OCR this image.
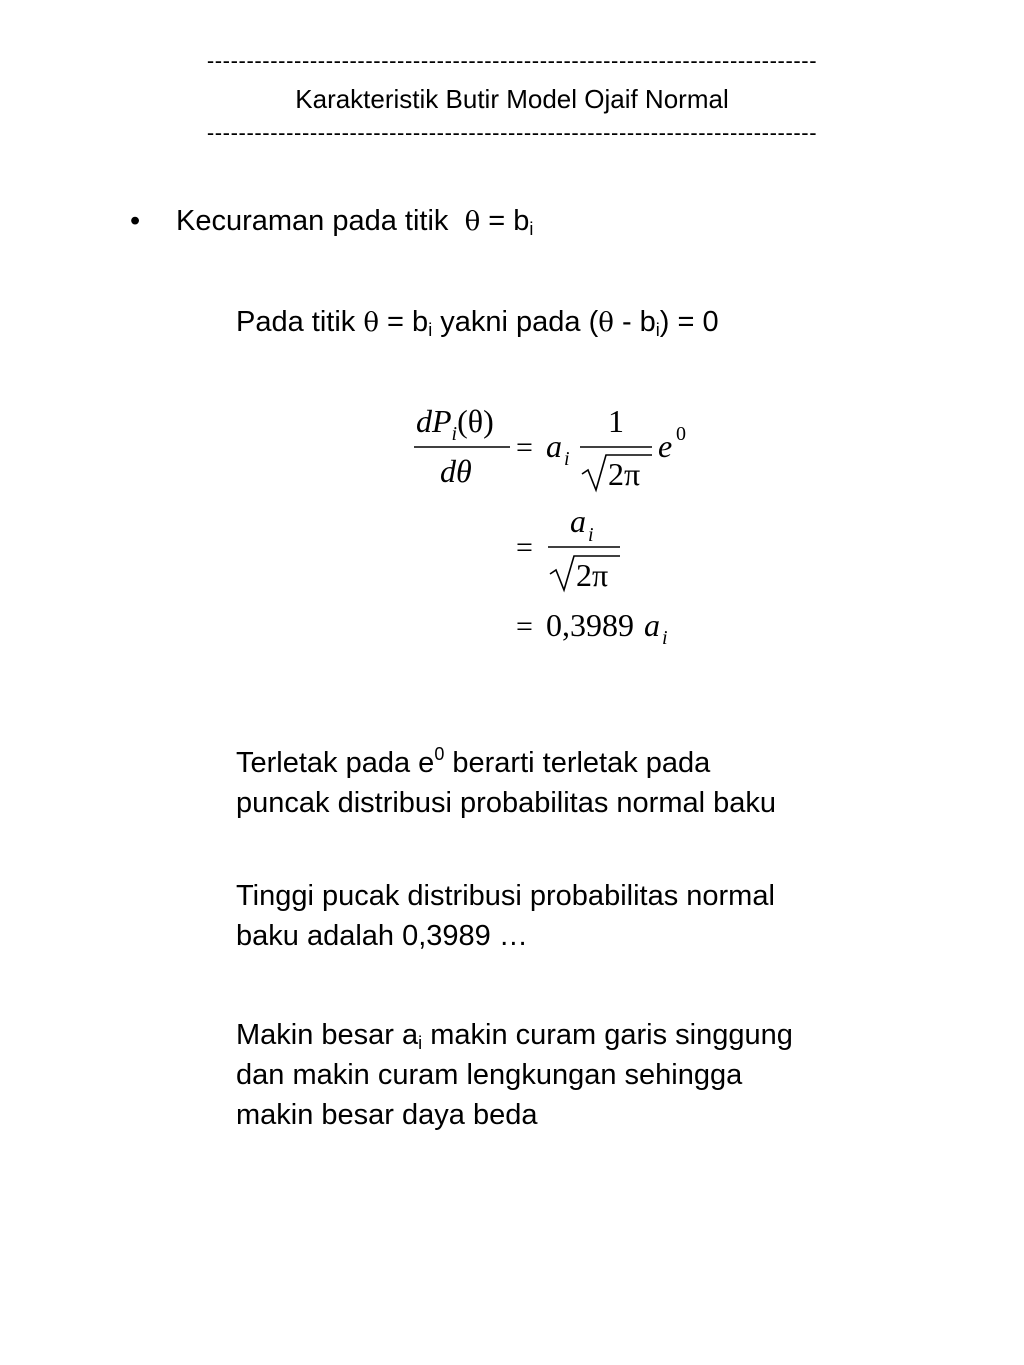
-----------------------------------------------------------------------------
Karakteristik Butir Model Ojaif Normal
-----------------------------------------------------------------------------
• Kecuraman pada titik $\theta = b_i$
Pada titik $\theta = b_i$ yakni pada $(\theta - b_i) = 0$
$dP_i(\theta)$
dθ
= a i
1
2π
e 0
=
a i
2π
= 0,3989 a i
Terletak pada $e^0$ berarti terletak pada
puncak distribusi probabilitas normal baku
Tinggi pucak distribusi probabilitas normal
baku adalah 0,3989 …
Makin besar $a_i$ makin curam garis singgung
dan makin curam lengkungan sehingga
makin besar daya beda
